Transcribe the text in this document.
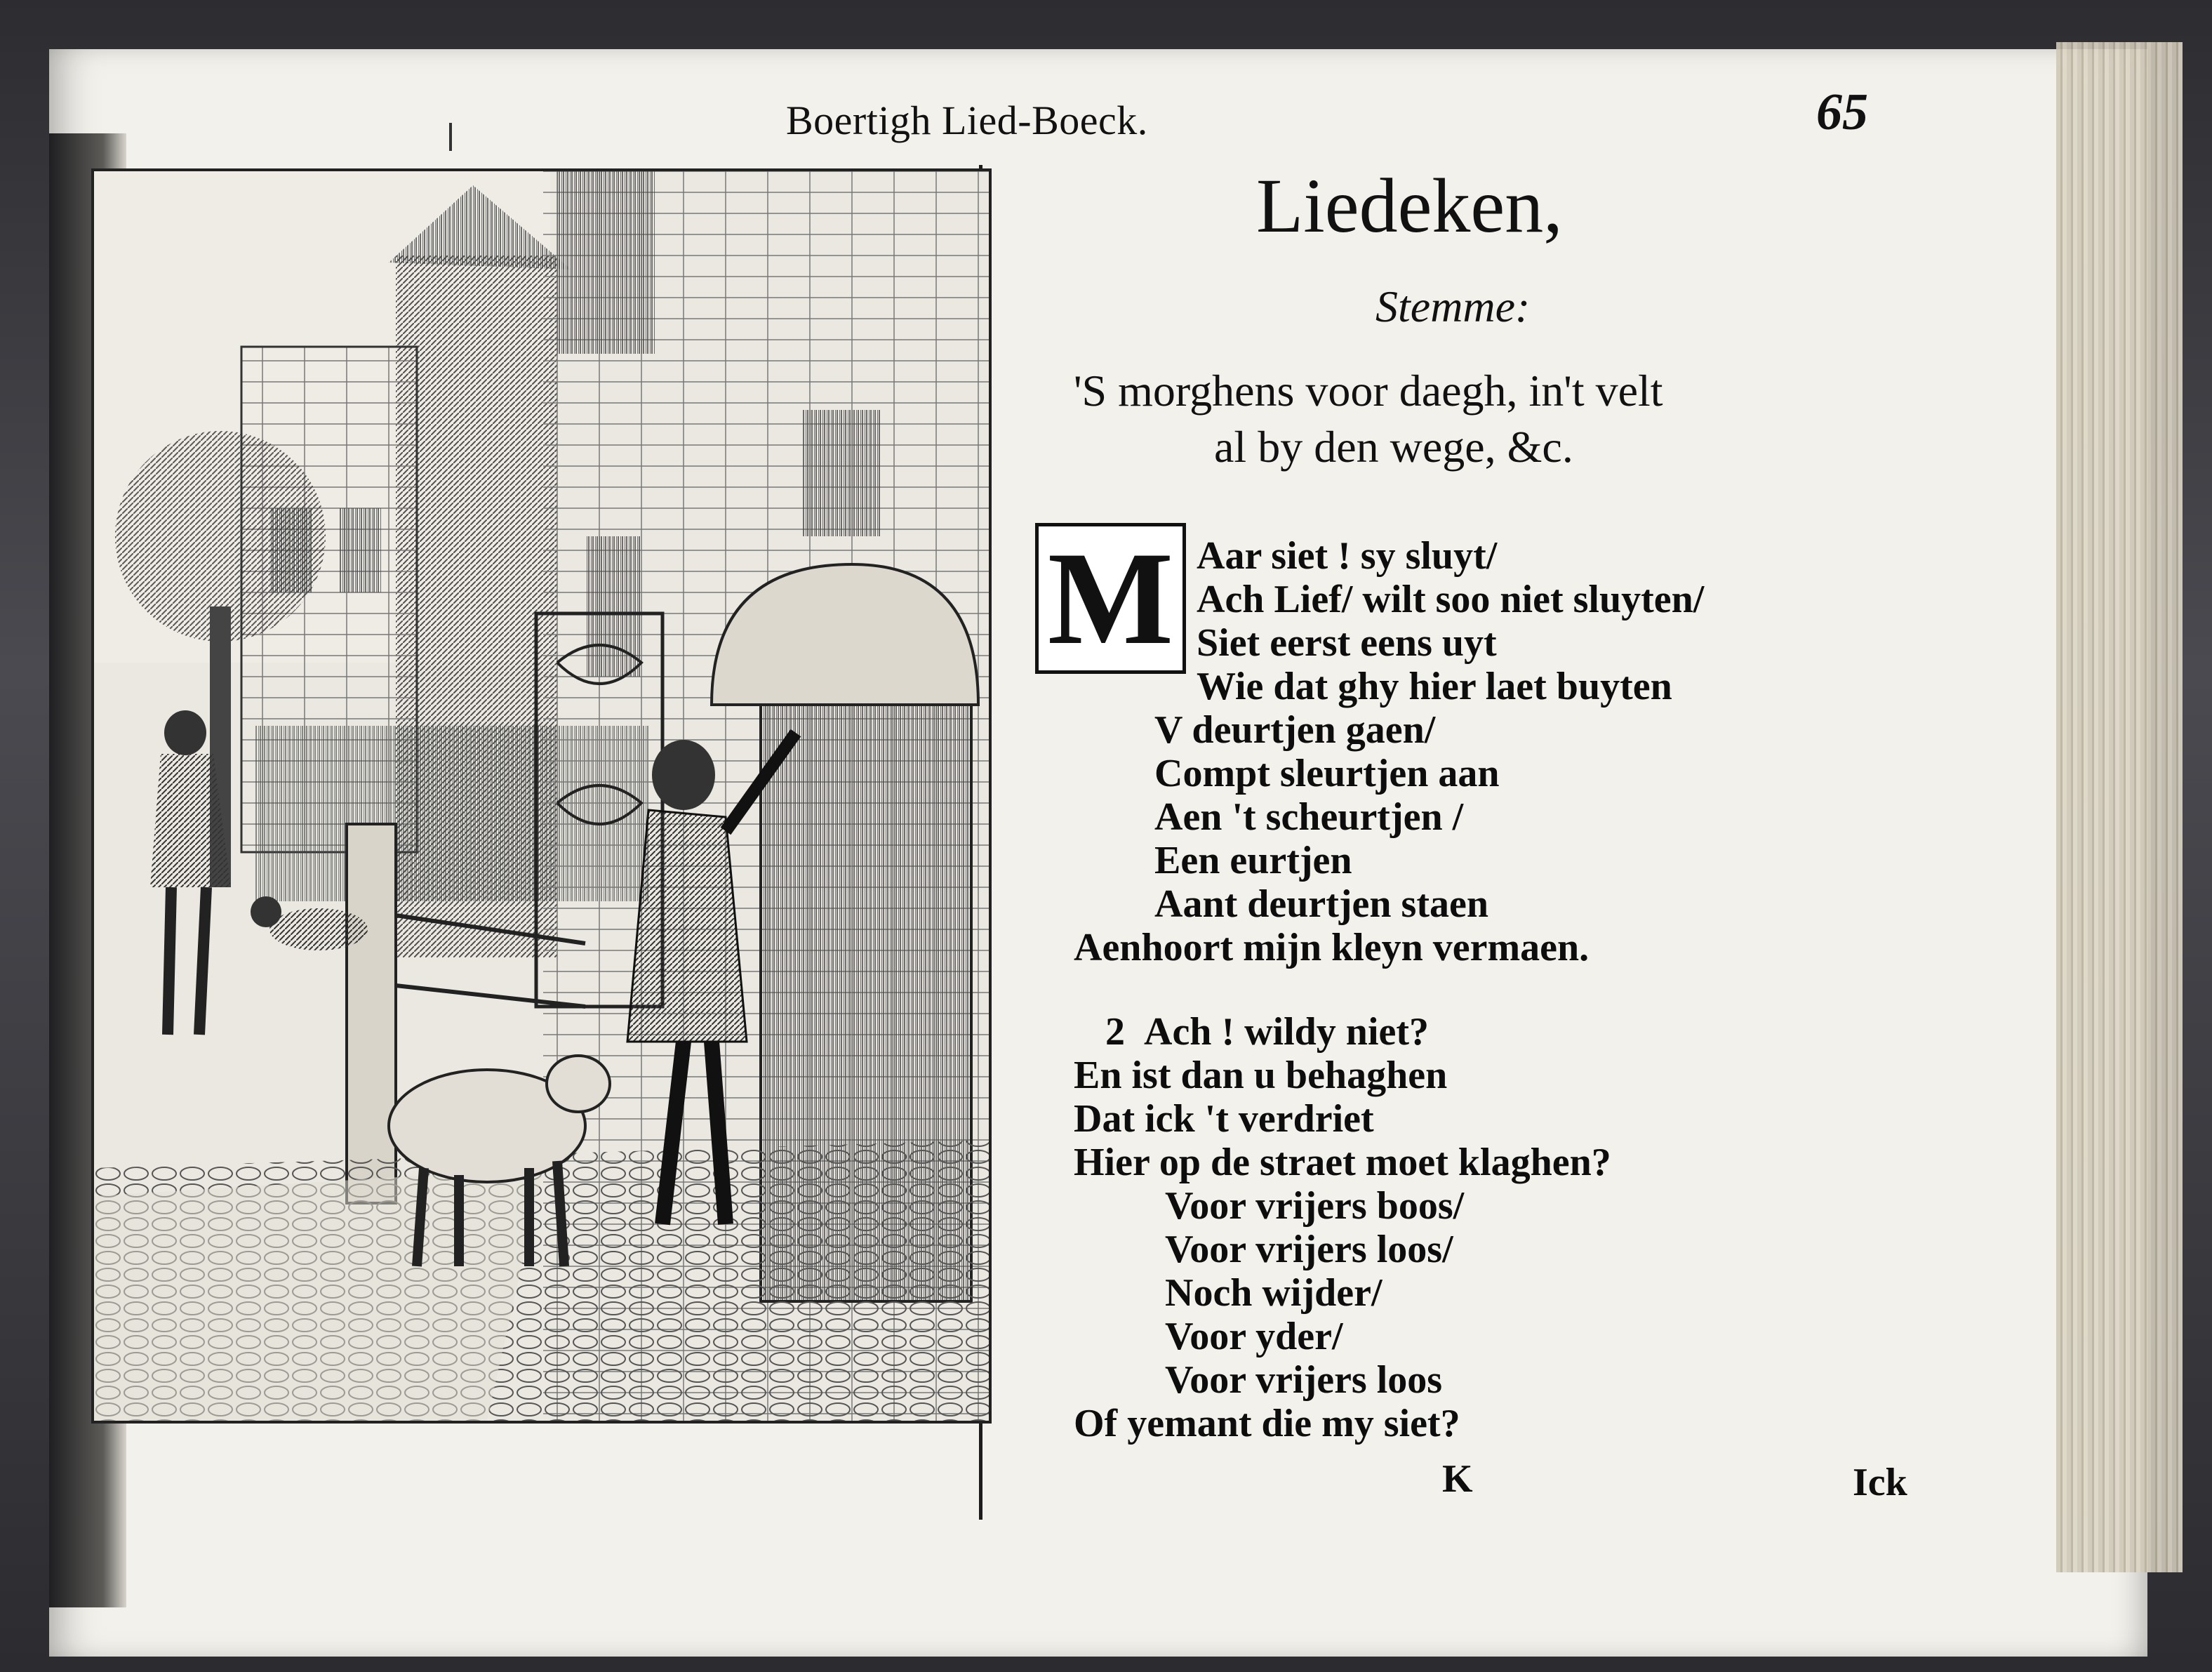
Boertigh Lied-Boeck.	65
Liedeken,
Stemme:
'S morghens voor daegh, in't velt
al by den wege, &c.
M Aar siet ! sy sluyt/
Ach Lief/ wilt soo niet sluyten/
Siet eerst eens uyt
Wie dat ghy hier laet buyten
V deurtjen gaen/
Compt sleurtjen aan
Aen 't scheurtjen /
Een eurtjen
Aant deurtjen staen
Aenhoort mijn kleyn vermaen.
2 Ach ! wildy niet?
En ist dan u behaghen
Dat ick 't verdriet
Hier op de straet moet klaghen?
Voor vrijers boos/
Voor vrijers loos/
Noch wijder/
Voor yder/
Voor vrijers loos
Of yemant die my siet?
K	Ick
